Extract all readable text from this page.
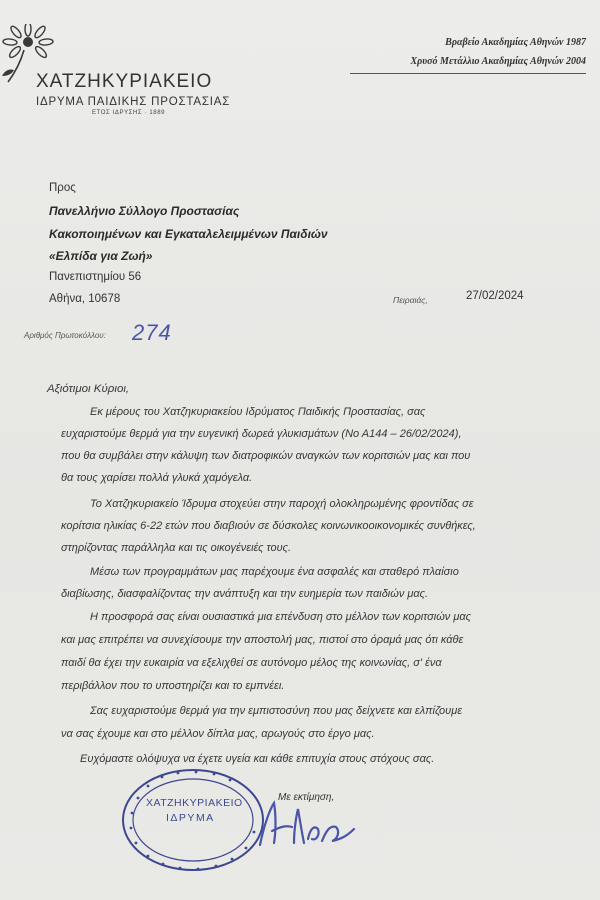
ΧΑΤΖΗΚΥΡΙΑΚΕΙΟ
ΙΔΡΥΜΑ ΠΑΙΔΙΚΗΣ ΠΡΟΣΤΑΣΙΑΣ
ΕΤΟΣ ΙΔΡΥΣΗΣ · 1889
Βραβείο Ακαδημίας Αθηνών 1987
Χρυσό Μετάλλιο Ακαδημίας Αθηνών 2004
Προς
Πανελλήνιο Σύλλογο Προστασίας
Κακοποιημένων και Εγκαταλελειμμένων Παιδιών
«Ελπίδα για Ζωή»
Πανεπιστημίου 56
Αθήνα, 10678	Πειραιάς,	27/02/2024
Αριθμός Πρωτοκόλλου: 274
Αξιότιμοι Κύριοι,
Εκ μέρους του Χατζηκυριακείου Ιδρύματος Παιδικής Προστασίας, σας
ευχαριστούμε θερμά για την ευγενική δωρεά γλυκισμάτων (Νο Α144 – 26/02/2024),
που θα συμβάλει στην κάλυψη των διατροφικών αναγκών των κοριτσιών μας και που
θα τους χαρίσει πολλά γλυκά χαμόγελα.
Το Χατζηκυριακείο Ίδρυμα στοχεύει στην παροχή ολοκληρωμένης φροντίδας σε
κορίτσια ηλικίας 6-22 ετών που διαβιούν σε δύσκολες κοινωνικοοικονομικές συνθήκες,
στηρίζοντας παράλληλα και τις οικογένειές τους.
Μέσω των προγραμμάτων μας παρέχουμε ένα ασφαλές και σταθερό πλαίσιο
διαβίωσης, διασφαλίζοντας την ανάπτυξη και την ευημερία των παιδιών μας.
Η προσφορά σας είναι ουσιαστικά μια επένδυση στο μέλλον των κοριτσιών μας
και μας επιτρέπει να συνεχίσουμε την αποστολή μας, πιστοί στο όραμά μας ότι κάθε
παιδί θα έχει την ευκαιρία να εξελιχθεί σε αυτόνομο μέλος της κοινωνίας, σ' ένα
περιβάλλον που το υποστηρίζει και το εμπνέει.
Σας ευχαριστούμε θερμά για την εμπιστοσύνη που μας δείχνετε και ελπίζουμε
να σας έχουμε και στο μέλλον δίπλα μας, αρωγούς στο έργο μας.
Ευχόμαστε ολόψυχα να έχετε υγεία και κάθε επιτυχία στους στόχους σας.
ΧΑΤΖΗΚΥΡΙΑΚΕΙΟ
ΙΔΡΥΜΑ
Με εκτίμηση,
